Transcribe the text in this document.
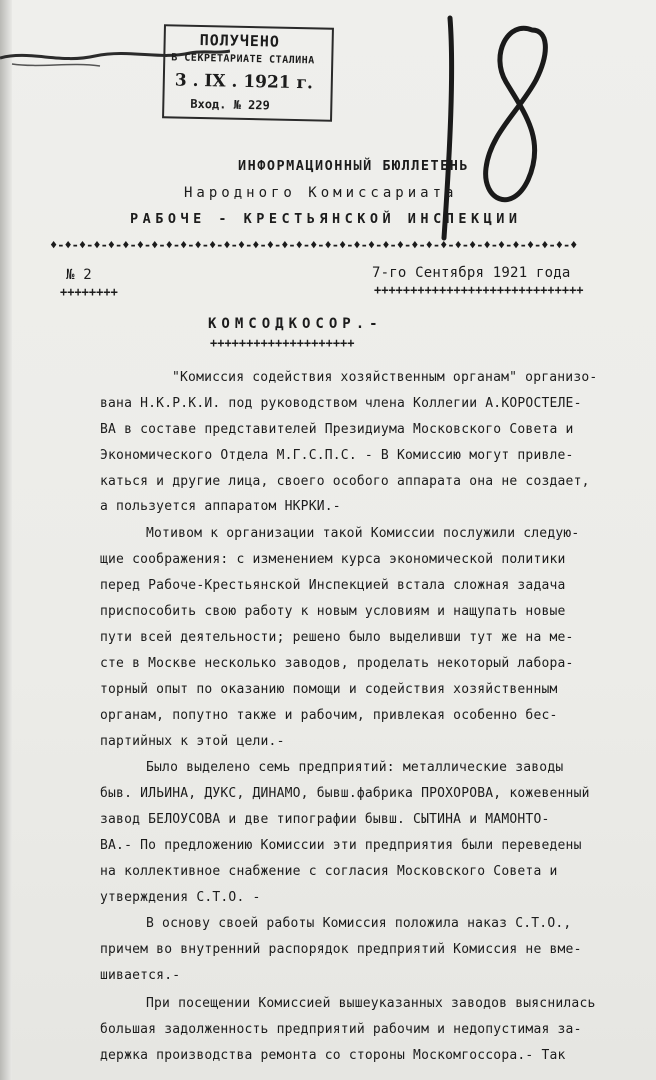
ПОЛУЧЕНО
В СЕКРЕТАРИАТЕ СТАЛИНА
3 . IX . 1921 г.
Вход. № 229
ИНФОРМАЦИОННЫЙ БЮЛЛЕТЕНЬ
Народного Комиссариата
РАБОЧЕ - КРЕСТЬЯНСКОЙ ИНСПЕКЦИИ
♦-♦-♦-♦-♦-♦-♦-♦-♦-♦-♦-♦-♦-♦-♦-♦-♦-♦-♦-♦-♦-♦-♦-♦-♦-♦-♦-♦-♦-♦-♦-♦-♦-♦-♦-♦-♦
№ 2
++++++++
7-го Сентября 1921 года
+++++++++++++++++++++++++++++
КОМСОДКОСОР.-
++++++++++++++++++++
"Комиссия содействия хозяйственным органам" организо-
вана Н.К.Р.К.И. под руководством члена Коллегии А.КОРОСТЕЛЕ-
ВА в составе представителей Президиума Московского Совета и
Экономического Отдела М.Г.С.П.С. - В Комиссию могут привле-
каться и другие лица, своего особого аппарата она не создает,
а пользуется аппаратом НКРКИ.-
Мотивом к организации такой Комиссии послужили следую-
щие соображения: с изменением курса экономической политики
перед Рабоче-Крестьянской Инспекцией встала сложная задача
приспособить свою работу к новым условиям и нащупать новые
пути всей деятельности; решено было выделивши тут же на ме-
сте в Москве несколько заводов, проделать некоторый лабора-
торный опыт по оказанию помощи и содействия хозяйственным
органам, попутно также и рабочим, привлекая особенно бес-
партийных к этой цели.-
Было выделено семь предприятий: металлические заводы
быв. ИЛЬИНА, ДУКС, ДИНАМО, бывш.фабрика ПРОХОРОВА, кожевенный
завод БЕЛОУСОВА и две типографии бывш. СЫТИНА и МАМОНТО-
ВА.- По предложению Комиссии эти предприятия были переведены
на коллективное снабжение с согласия Московского Совета и
утверждения С.Т.О. -
В основу своей работы Комиссия положила наказ С.Т.О.,
причем во внутренний распорядок предприятий Комиссия не вме-
шивается.-
При посещении Комиссией вышеуказанных заводов выяснилась
большая задолженность предприятий рабочим и недопустимая за-
держка производства ремонта со стороны Москомгоссора.- Так
